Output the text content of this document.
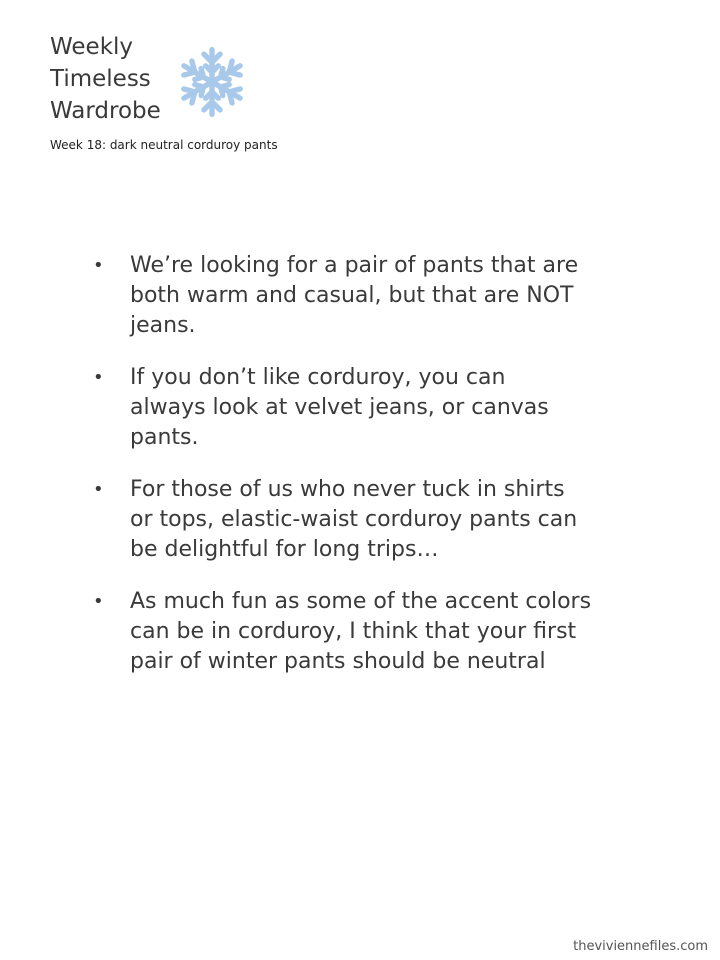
Weekly
Timeless
Wardrobe
Week 18: dark neutral corduroy pants
• We’re looking for a pair of pants that are
both warm and casual, but that are NOT
jeans.
• If you don’t like corduroy, you can
always look at velvet jeans, or canvas
pants.
• For those of us who never tuck in shirts
or tops, elastic-waist corduroy pants can
be delightful for long trips…
• As much fun as some of the accent colors
can be in corduroy, I think that your first
pair of winter pants should be neutral
theviviennefiles.com
